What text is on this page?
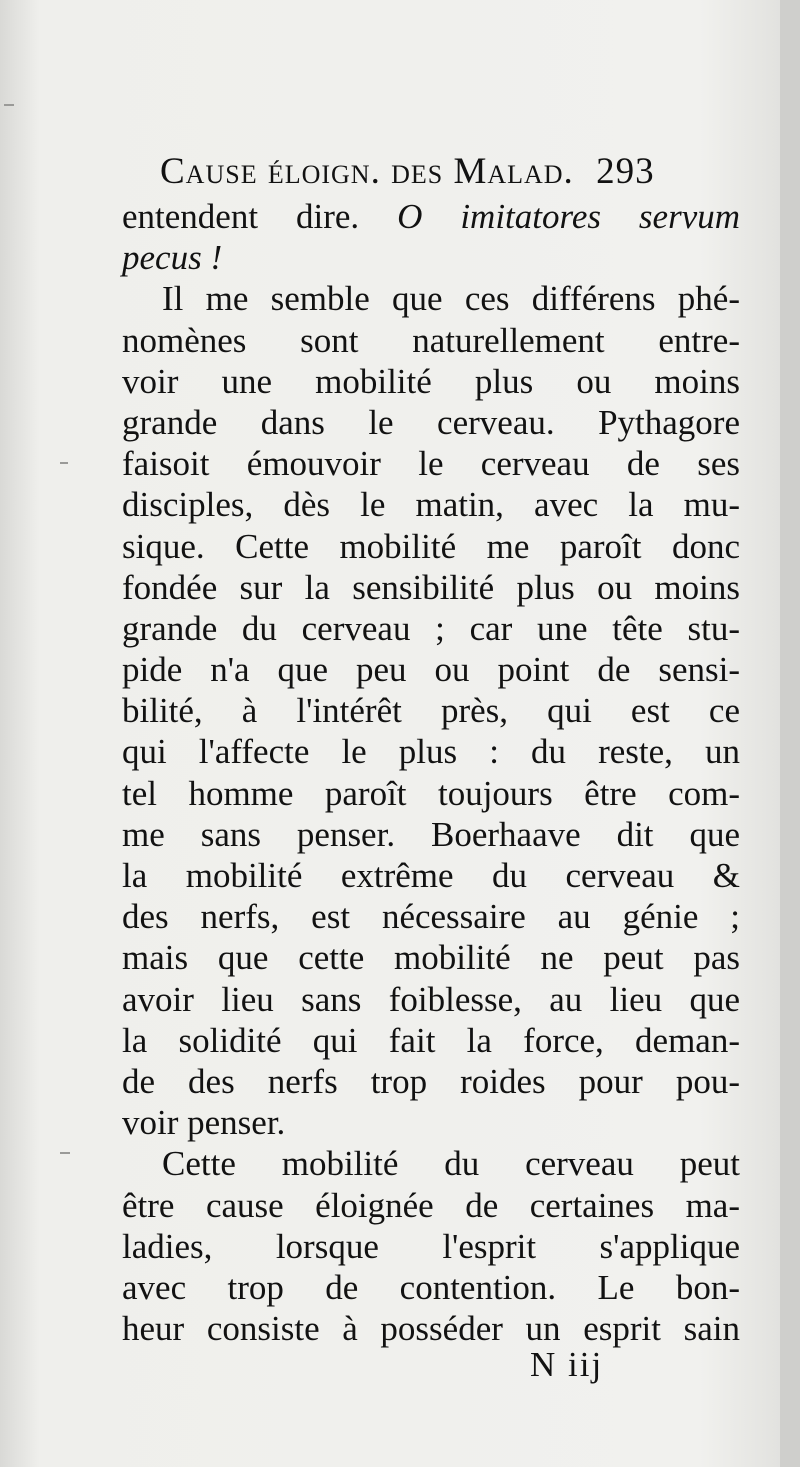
Cause éloign. des Malad. 293
entendent dire. O imitatores servum
pecus !
Il me semble que ces différens phé-
nomènes sont naturellement entre-
voir une mobilité plus ou moins
grande dans le cerveau. Pythagore
faisoit émouvoir le cerveau de ses
disciples, dès le matin, avec la mu-
sique. Cette mobilité me paroît donc
fondée sur la sensibilité plus ou moins
grande du cerveau ; car une tête stu-
pide n'a que peu ou point de sensi-
bilité, à l'intérêt près, qui est ce
qui l'affecte le plus : du reste, un
tel homme paroît toujours être com-
me sans penser. Boerhaave dit que
la mobilité extrême du cerveau &
des nerfs, est nécessaire au génie ;
mais que cette mobilité ne peut pas
avoir lieu sans foiblesse, au lieu que
la solidité qui fait la force, deman-
de des nerfs trop roides pour pou-
voir penser.
Cette mobilité du cerveau peut
être cause éloignée de certaines ma-
ladies, lorsque l'esprit s'applique
avec trop de contention. Le bon-
heur consiste à posséder un esprit sain
N iij
